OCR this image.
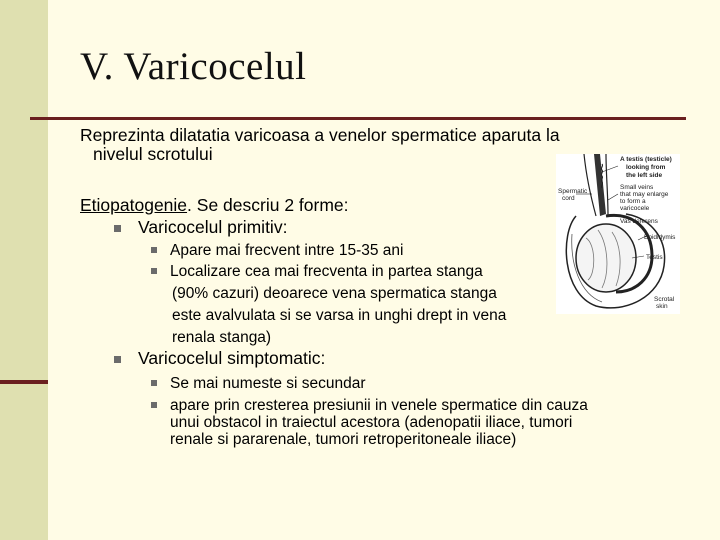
V. Varicocelul
Reprezinta dilatatia varicoasa a venelor spermatice aparuta la
nivelul scrotului
Etiopatogenie. Se descriu 2 forme:
Varicocelul primitiv:
Apare mai frecvent intre 15-35 ani
Localizare cea mai frecventa in partea stanga
(90% cazuri) deoarece vena spermatica stanga
este avalvulata si se varsa in unghi drept in vena
renala stanga)
Varicocelul simptomatic:
Se mai numeste si secundar
apare prin cresterea presiunii in venele spermatice din cauza
unui obstacol in traiectul acestora (adenopatii iliace, tumori
renale si pararenale, tumori retroperitoneale iliace)
A testis (testicle)
looking from
the left side
Spermatic
cord
Small veins
that may enlarge
to form a
varicocele
Vas deferens
Epididymis
Testis
Scrotal
skin
